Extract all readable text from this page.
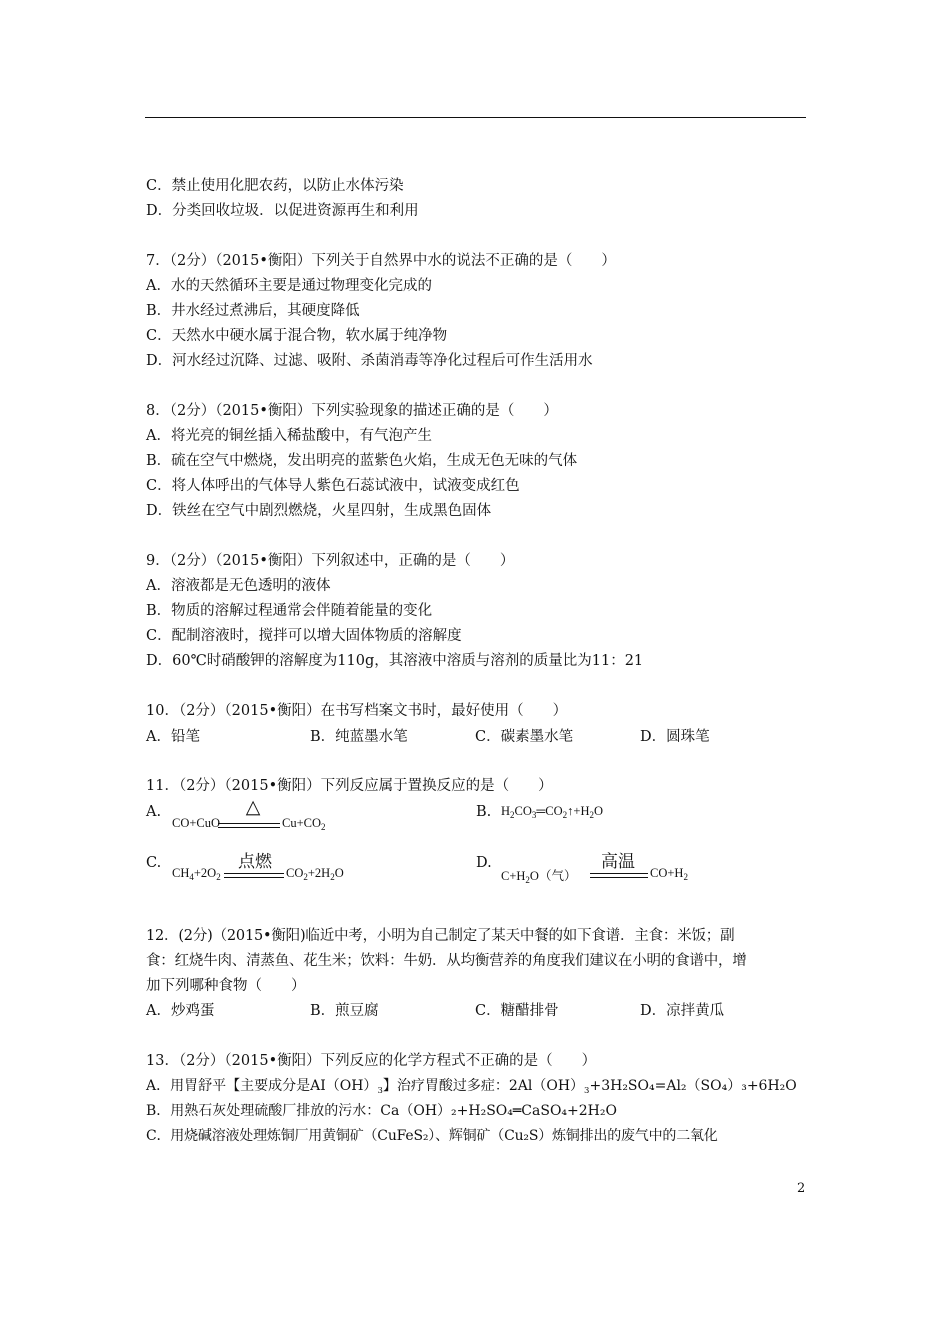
C．禁止使用化肥农药，以防止水体污染
D．分类回收垃圾．以促进资源再生和利用
7．（2分）（2015•衡阳）下列关于自然界中水的说法不正确的是（　　）
A．水的天然循环主要是通过物理变化完成的
B．井水经过煮沸后，其硬度降低
C．天然水中硬水属于混合物，软水属于纯净物
D．河水经过沉降、过滤、吸附、杀菌消毒等净化过程后可作生活用水
8．（2分）（2015•衡阳）下列实验现象的描述正确的是（　　）
A．将光亮的铜丝插入稀盐酸中，有气泡产生
B．硫在空气中燃烧，发出明亮的蓝紫色火焰，生成无色无味的气体
C．将人体呼出的气体导人紫色石蕊试液中，试液变成红色
D．铁丝在空气中剧烈燃烧，火星四射，生成黑色固体
9．（2分）（2015•衡阳）下列叙述中，正确的是（　　）
A．溶液都是无色透明的液体
B．物质的溶解过程通常会伴随着能量的变化
C．配制溶液时，搅拌可以增大固体物质的溶解度
D．60℃时硝酸钾的溶解度为110g，其溶液中溶质与溶剂的质量比为11：21
10．（2分）（2015•衡阳）在书写档案文书时，最好使用（　　）
A．铅笔	B．纯蓝墨水笔	C．碳素墨水笔	D．圆珠笔
11．（2分）（2015•衡阳）下列反应属于置换反应的是（　　）
A.	△
CO+CuO	$Cu+CO_2$
B. $H_2CO_3═CO_2↑+H_2O$
C.	点燃
$CH_4+2O_2$	$CO_2+2H_2O$
D.	高温
$C+H_2O$（气）	$CO+H_2$
12．(2分)（2015•衡阳)临近中考，小明为自己制定了某天中餐的如下食谱．主食：米饭；副
食：红烧牛肉、清蒸鱼、花生米；饮料：牛奶．从均衡营养的角度我们建议在小明的食谱中，增
加下列哪种食物（　　）
A．炒鸡蛋	B．煎豆腐	C．糖醋排骨	D．凉拌黄瓜
13．（2分）（2015•衡阳）下列反应的化学方程式不正确的是（　　）
A．用胃舒平【主要成分是$AI(OH)_3$】治疗胃酸过多症：$2Al(OH)_3+3H_2SO_4=Al_2(SO_4)_3+6H_2O$
B．用熟石灰处理硫酸厂排放的污水：Ca（OH）₂+H₂SO₄═CaSO₄+2H₂O
C．用烧碱溶液处理炼铜厂用黄铜矿（CuFeS₂）、辉铜矿（Cu₂S）炼铜排出的废气中的二氧化
2
